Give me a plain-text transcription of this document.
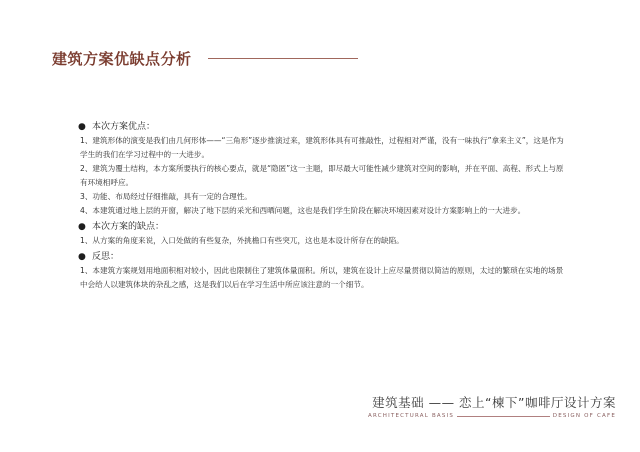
建筑方案优缺点分析
● 本次方案优点：

1、建筑形体的演变是我们由几何形体——“三角形”逐步推演过来，建筑形体具有可推敲性，过程相对严谨，没有一味执行”拿来主义”，这是作为学生的我们在学习过程中的一大进步。

2、建筑为覆土结构，本方案所要执行的核心要点，就是“隐匿”这一主题，即尽最大可能性减少建筑对空间的影响，并在平面、高程、形式上与原有环境相呼应。

3、功能、布局经过仔细推敲，具有一定的合理性。

4、本建筑通过地上层的开窗，解决了地下层的采光和西晒问题，这也是我们学生阶段在解决环境因素对设计方案影响上的一大进步。

● 本次方案的缺点：

1、从方案的角度来说，入口处做的有些复杂，外挑檐口有些突兀，这也是本设计所存在的缺陷。

● 反思：

1、本建筑方案规划用地面积相对较小，因此也限制住了建筑体量面积。所以，建筑在设计上应尽量贯彻以简洁的原则，太过的繁琐在实地的场景中会给人以建筑体块的杂乱之感，这是我们以后在学习生活中所应该注意的一个细节。

建筑基础 —— 恋上“楝下”咖啡厅设计方案
ARCHITECTURAL BASIS	DESIGN OF CAFE
